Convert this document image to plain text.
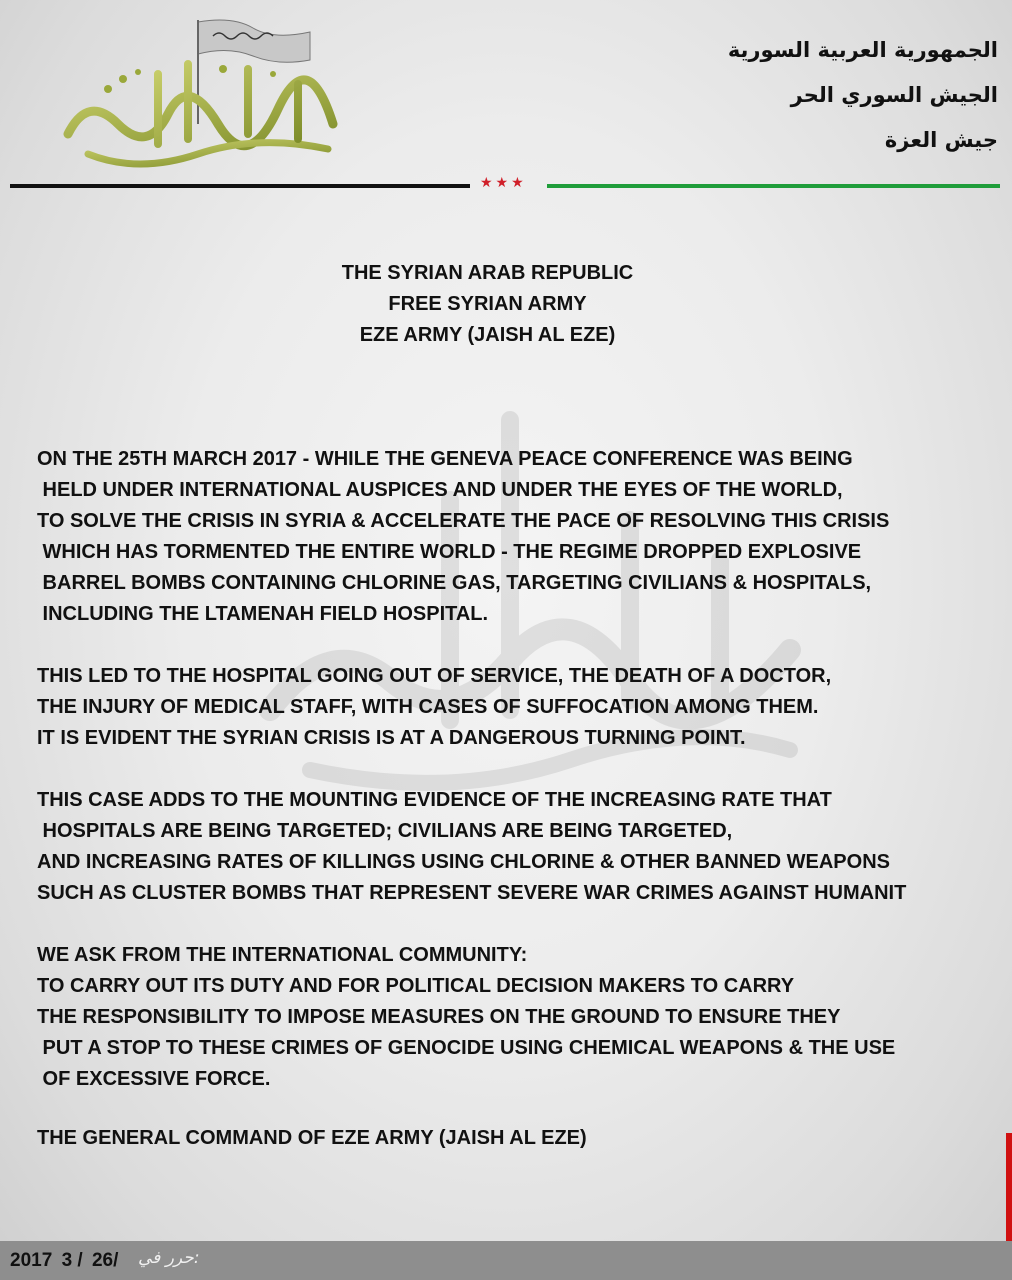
الجمهورية العربية السورية
الجيش السوري الحر
جيش العزة
★★★
THE SYRIAN ARAB REPUBLIC
FREE SYRIAN ARMY
EZE ARMY (JAISH AL EZE)
ON THE 25TH MARCH 2017 - WHILE THE GENEVA PEACE CONFERENCE WAS BEING
HELD UNDER INTERNATIONAL AUSPICES AND UNDER THE EYES OF THE WORLD,
TO SOLVE THE CRISIS IN SYRIA & ACCELERATE THE PACE OF RESOLVING THIS CRISIS
WHICH HAS TORMENTED THE ENTIRE WORLD - THE REGIME DROPPED EXPLOSIVE
BARREL BOMBS CONTAINING CHLORINE GAS, TARGETING CIVILIANS & HOSPITALS,
INCLUDING THE LTAMENAH FIELD HOSPITAL.
THIS LED TO THE HOSPITAL GOING OUT OF SERVICE, THE DEATH OF A DOCTOR,
THE INJURY OF MEDICAL STAFF, WITH CASES OF SUFFOCATION AMONG THEM.
IT IS EVIDENT THE SYRIAN CRISIS IS AT A DANGEROUS TURNING POINT.
THIS CASE ADDS TO THE MOUNTING EVIDENCE OF THE INCREASING RATE THAT
HOSPITALS ARE BEING TARGETED; CIVILIANS ARE BEING TARGETED,
AND INCREASING RATES OF KILLINGS USING CHLORINE & OTHER BANNED WEAPONS
SUCH AS CLUSTER BOMBS THAT REPRESENT SEVERE WAR CRIMES AGAINST HUMANIT
WE ASK FROM THE INTERNATIONAL COMMUNITY:
TO CARRY OUT ITS DUTY AND FOR POLITICAL DECISION MAKERS TO CARRY
THE RESPONSIBILITY TO IMPOSE MEASURES ON THE GROUND TO ENSURE THEY
PUT A STOP TO THESE CRIMES OF GENOCIDE USING CHEMICAL WEAPONS & THE USE
OF EXCESSIVE FORCE.
THE GENERAL COMMAND OF EZE ARMY (JAISH AL EZE)
2017 3 / 26/ حرر في:
